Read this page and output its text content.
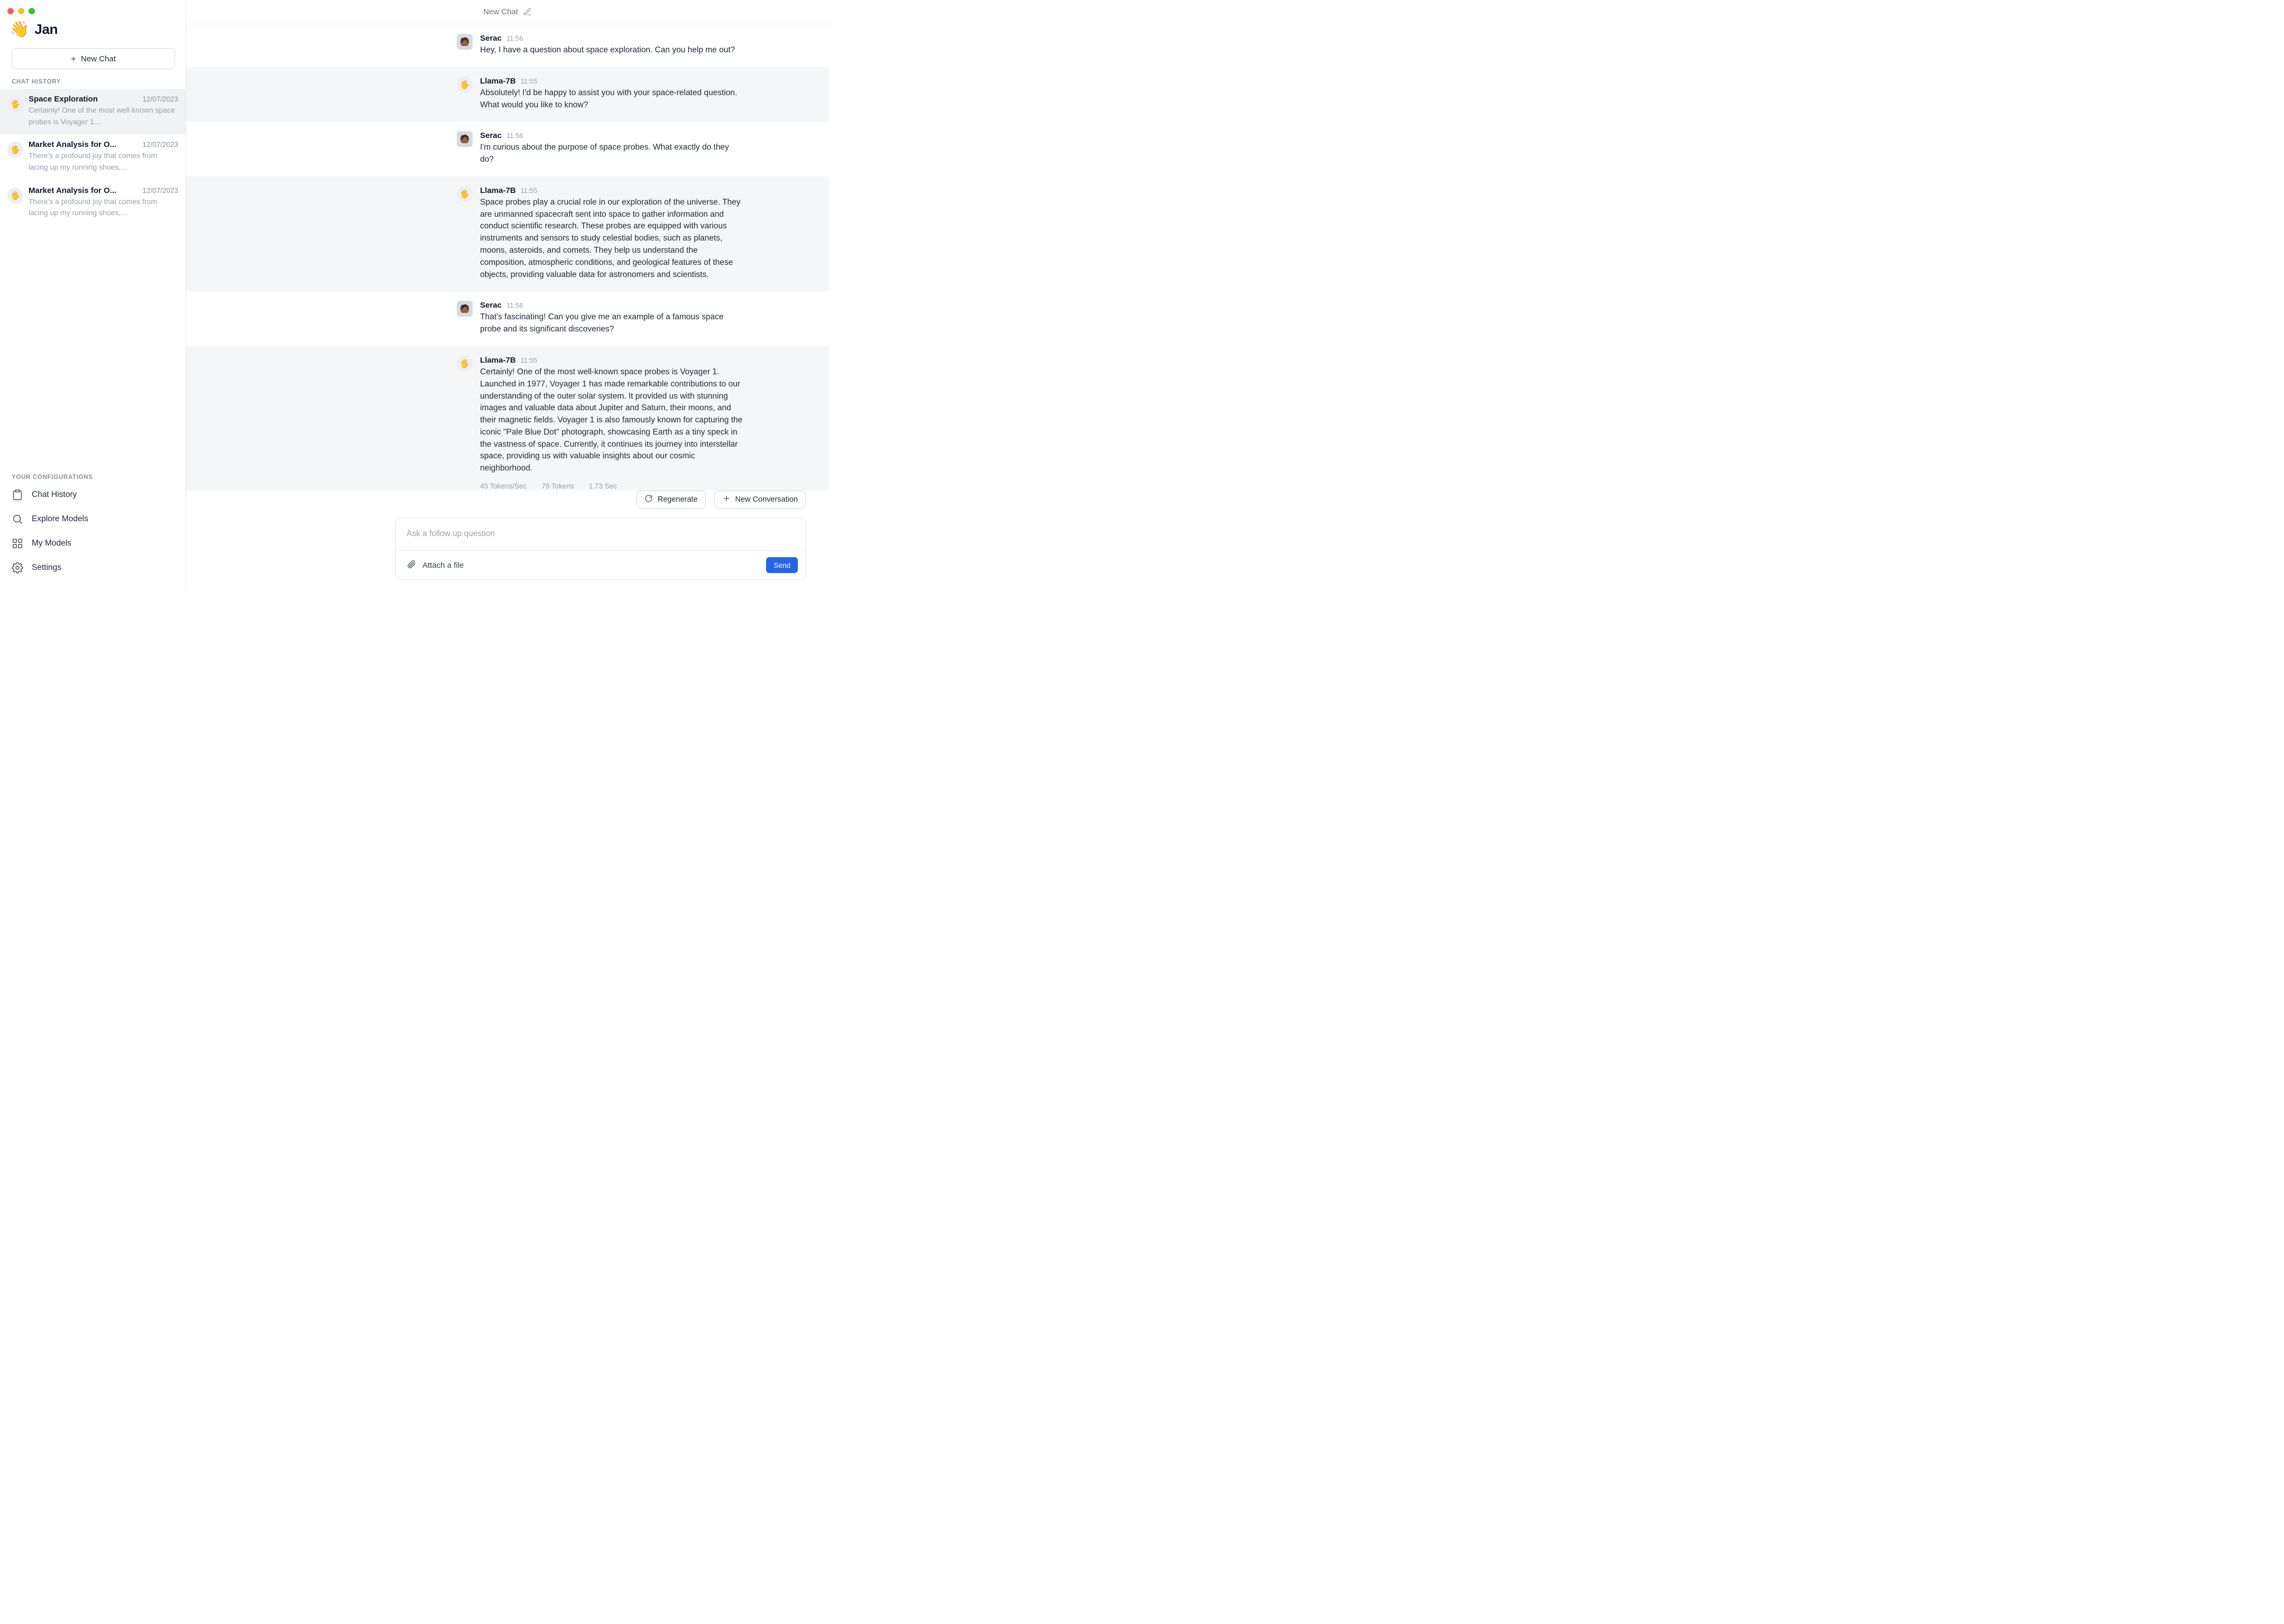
👋 Jan
+ New Chat
CHAT HISTORY
🖐
Space Exploration	12/07/2023
Certainly! One of the most well-known space probes is Voyager 1....
🖐
Market Analysis for O...	12/07/2023
There's a profound joy that comes from lacing up my running shoes,...
🖐
Market Analysis for O...	12/07/2023
There's a profound joy that comes from lacing up my running shoes,...
YOUR CONFIGURATIONS
Chat History
Explore Models
My Models
Settings
New Chat
🧑🏾	Serac 11:56
Hey, I have a question about space exploration. Can you help me out?
🖐	Llama-7B 11:55
Absolutely! I'd be happy to assist you with your space-related question. What would you like to know?
🧑🏾	Serac 11:56
I'm curious about the purpose of space probes. What exactly do they do?
🖐	Llama-7B 11:55
Space probes play a crucial role in our exploration of the universe. They are unmanned spacecraft sent into space to gather information and conduct scientific research. These probes are equipped with various instruments and sensors to study celestial bodies, such as planets, moons, asteroids, and comets. They help us understand the composition, atmospheric conditions, and geological features of these objects, providing valuable data for astronomers and scientists.
🧑🏾	Serac 11:56
That's fascinating! Can you give me an example of a famous space probe and its significant discoveries?
🖐	Llama-7B 11:55
Certainly! One of the most well-known space probes is Voyager 1. Launched in 1977, Voyager 1 has made remarkable contributions to our understanding of the outer solar system. It provided us with stunning images and valuable data about Jupiter and Saturn, their moons, and their magnetic fields. Voyager 1 is also famously known for capturing the iconic "Pale Blue Dot" photograph, showcasing Earth as a tiny speck in the vastness of space. Currently, it continues its journey into interstellar space, providing us with valuable insights about our cosmic neighborhood.
45 Tokens/Sec 79 Tokens 1.73 Sec
Regenerate	New Conversation
Ask a follow up question
Attach a file	Send
